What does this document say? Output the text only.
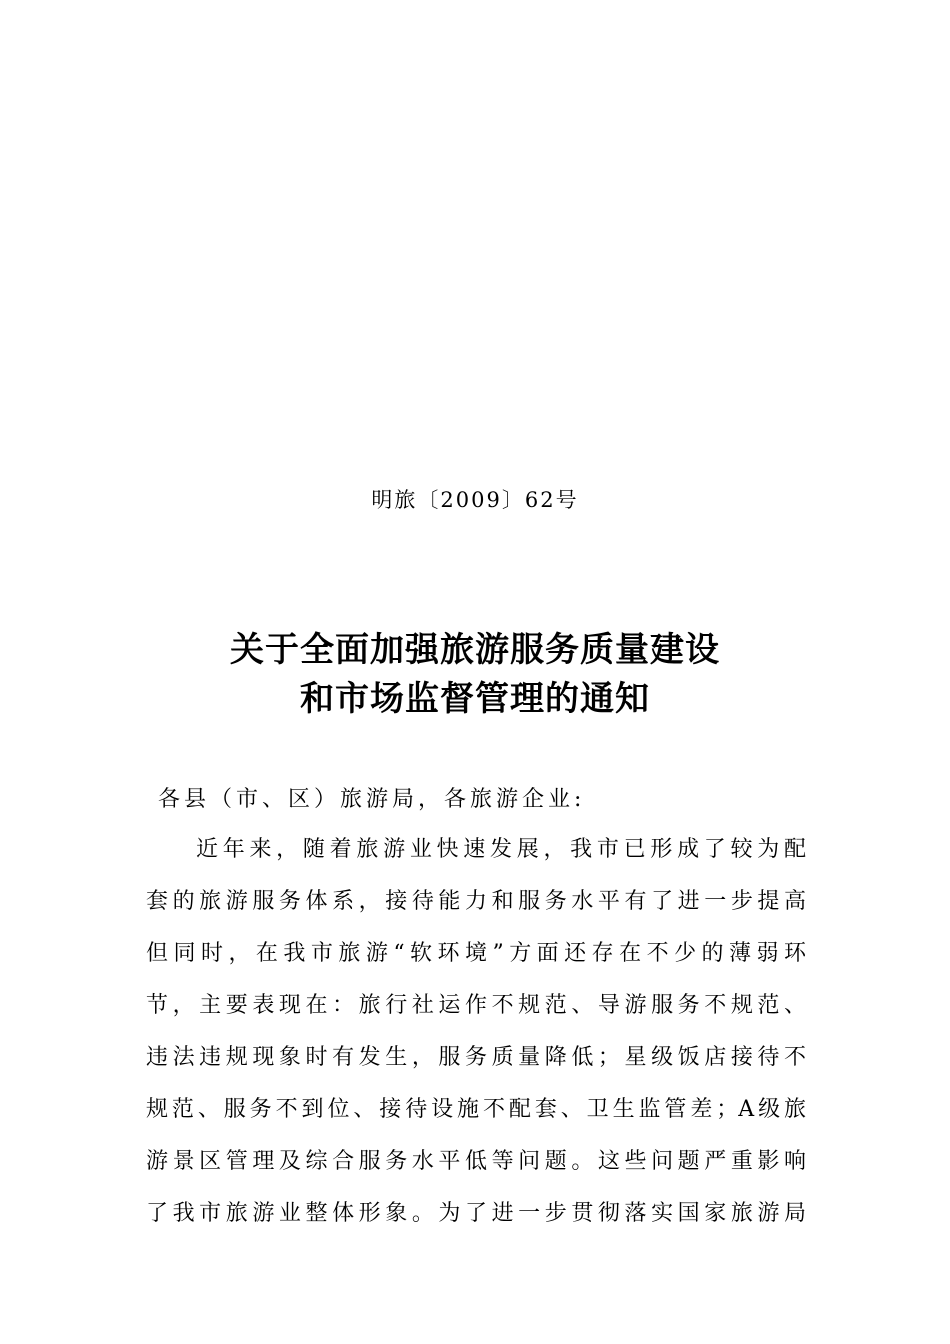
明旅〔2009〕62号
关于全面加强旅游服务质量建设
和市场监督管理的通知
各县（市、区）旅游局，各旅游企业:
近年来，随着旅游业快速发展，我市已形成了较为配
套的旅游服务体系，接待能力和服务水平有了进一步提高
但同时，在我市旅游“软环境”方面还存在不少的薄弱环
节，主要表现在：旅行社运作不规范、导游服务不规范、
违法违规现象时有发生，服务质量降低；星级饭店接待不
规范、服务不到位、接待设施不配套、卫生监管差；A级旅
游景区管理及综合服务水平低等问题。这些问题严重影响
了我市旅游业整体形象。为了进一步贯彻落实国家旅游局
